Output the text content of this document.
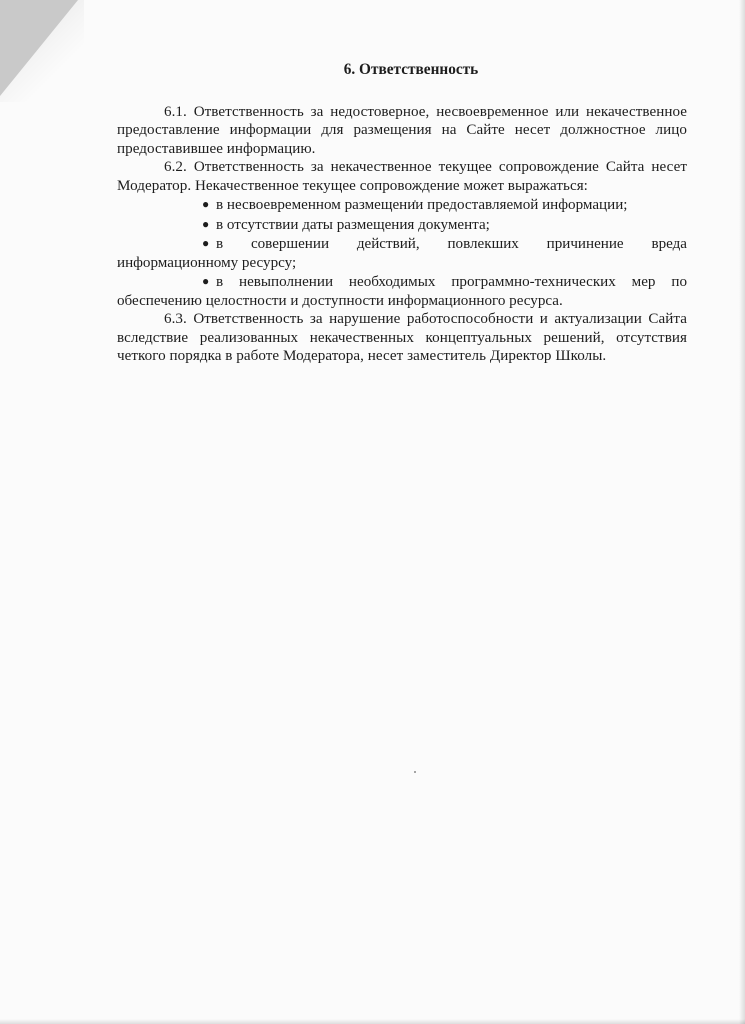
6. Ответственность

6.1. Ответственность за недостоверное, несвоевременное или некачественное предоставление информации для размещения на Сайте несет должностное лицо предоставившее информацию.

6.2. Ответственность за некачественное текущее сопровождение Сайта несет Модератор. Некачественное текущее сопровождение может выражаться:

● в несвоевременном размещении предоставляемой информации;

● в отсутствии даты размещения документа;

● в совершении действий, повлекших причинение вреда информационному ресурсу;

● в невыполнении необходимых программно-технических мер по обеспечению целостности и доступности информационного ресурса.

6.3. Ответственность за нарушение работоспособности и актуализации Сайта вследствие реализованных некачественных концептуальных решений, отсутствия четкого порядка в работе Модератора, несет заместитель Директор Школы.
